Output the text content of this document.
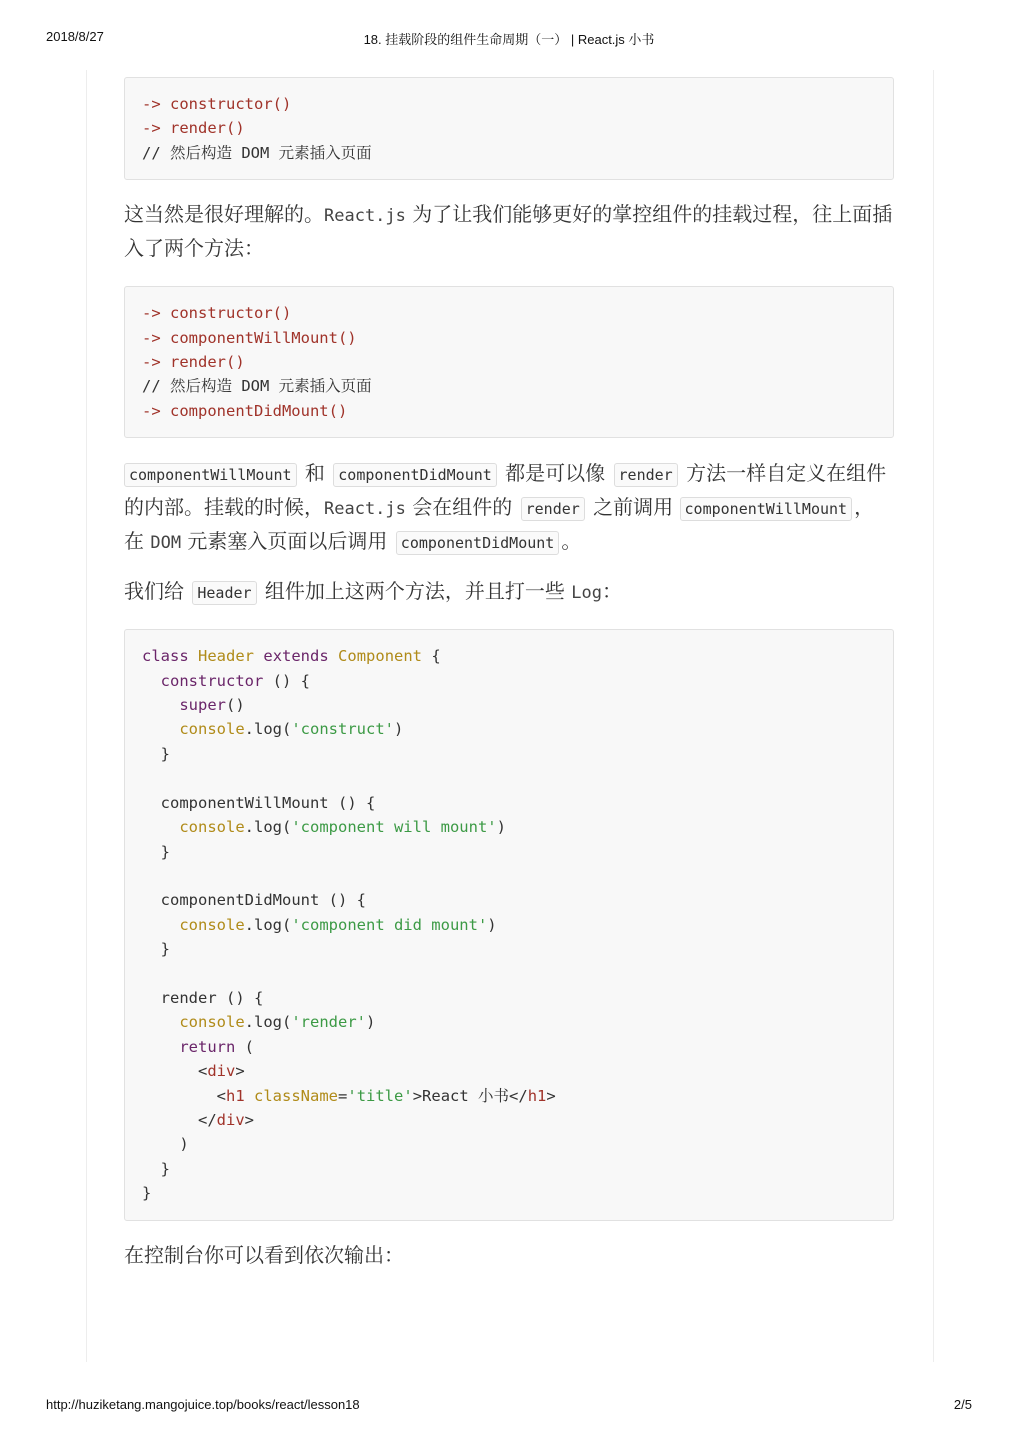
2018/8/27	18. 挂载阶段的组件生命周期（一） | React.js 小书
-> constructor()
-> render()
// 然后构造 DOM 元素插入页面

这当然是很好理解的。React.js 为了让我们能够更好的掌控组件的挂载过程，往上面插入了两个方法：

-> constructor()
-> componentWillMount()
-> render()
// 然后构造 DOM 元素插入页面
-> componentDidMount()

componentWillMount 和 componentDidMount 都是可以像 render 方法一样自定义在组件的内部。挂载的时候，React.js 会在组件的 render 之前调用 componentWillMount ，在 DOM 元素塞入页面以后调用 componentDidMount 。

我们给 Header 组件加上这两个方法，并且打一些 Log：

class Header extends Component {
constructor () {
super()
console.log('construct')
}

componentWillMount () {
console.log('component will mount')
}

componentDidMount () {
console.log('component did mount')
}

render () {
console.log('render')
return (
<div>
<h1 className='title'>React 小书</h1>
</div>
)
}
}

在控制台你可以看到依次输出：

http://huziketang.mangojuice.top/books/react/lesson18	2/5
